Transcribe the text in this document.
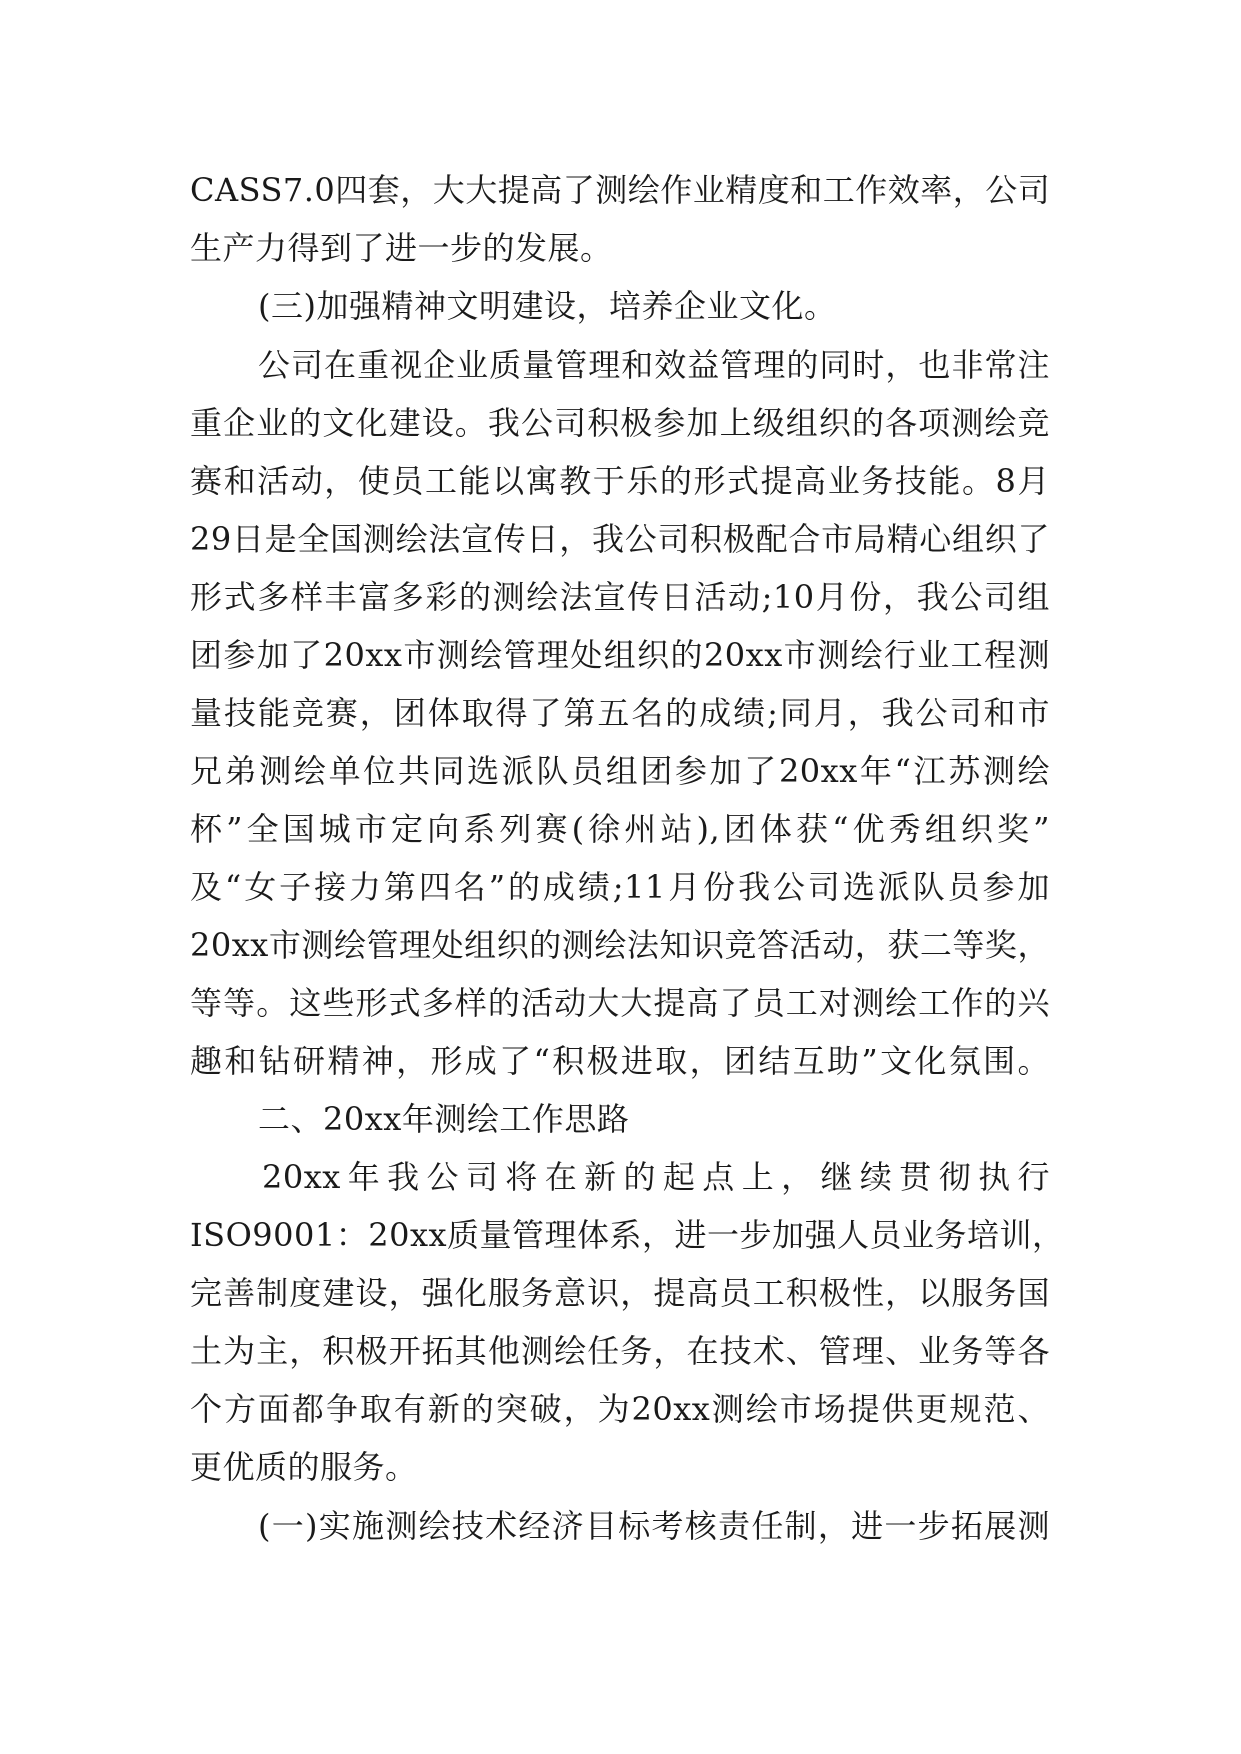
CASS7.0四套，大大提高了测绘作业精度和工作效率，公司
生产力得到了进一步的发展。
(三)加强精神文明建设，培养企业文化。
公司在重视企业质量管理和效益管理的同时，也非常注
重企业的文化建设。我公司积极参加上级组织的各项测绘竞
赛和活动，使员工能以寓教于乐的形式提高业务技能。8月
29日是全国测绘法宣传日，我公司积极配合市局精心组织了
形式多样丰富多彩的测绘法宣传日活动;10月份，我公司组
团参加了20xx市测绘管理处组织的20xx市测绘行业工程测
量技能竞赛，团体取得了第五名的成绩;同月，我公司和市
兄弟测绘单位共同选派队员组团参加了20xx年“江苏测绘
杯”全国城市定向系列赛(徐州站),团体获“优秀组织奖”
及“女子接力第四名”的成绩;11月份我公司选派队员参加
20xx市测绘管理处组织的测绘法知识竞答活动，获二等奖，
等等。这些形式多样的活动大大提高了员工对测绘工作的兴
趣和钻研精神，形成了“积极进取，团结互助”文化氛围。
二、20xx年测绘工作思路
20xx年我公司将在新的起点上，继续贯彻执行
ISO9001：20xx质量管理体系，进一步加强人员业务培训，
完善制度建设，强化服务意识，提高员工积极性，以服务国
土为主，积极开拓其他测绘任务，在技术、管理、业务等各
个方面都争取有新的突破，为20xx测绘市场提供更规范、
更优质的服务。
(一)实施测绘技术经济目标考核责任制，进一步拓展测
